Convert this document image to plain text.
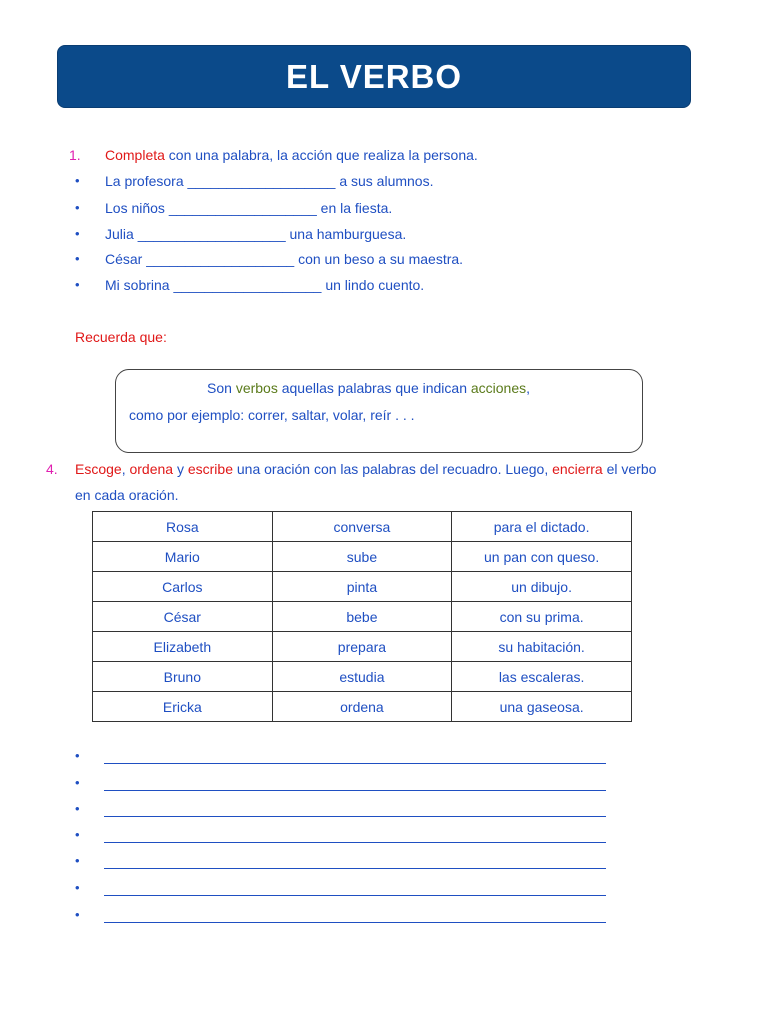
EL VERBO
1. Completa con una palabra, la acción que realiza la persona.
• La profesora ___________________ a sus alumnos.
• Los niños ___________________ en la fiesta.
• Julia ___________________ una hamburguesa.
• César ___________________ con un beso a su maestra.
• Mi sobrina ___________________ un lindo cuento.
Recuerda que:
Son verbos aquellas palabras que indican acciones,
como por ejemplo: correr, saltar, volar, reír . . .
4. Escoge, ordena y escribe una oración con las palabras del recuadro. Luego, encierra el verbo
en cada oración.
Rosa	conversa	para el dictado.
Mario	sube	un pan con queso.
Carlos	pinta	un dibujo.
César	bebe	con su prima.
Elizabeth	prepara	su habitación.
Bruno	estudia	las escaleras.
Ericka	ordena	una gaseosa.
•
•
•
•
•
•
•
